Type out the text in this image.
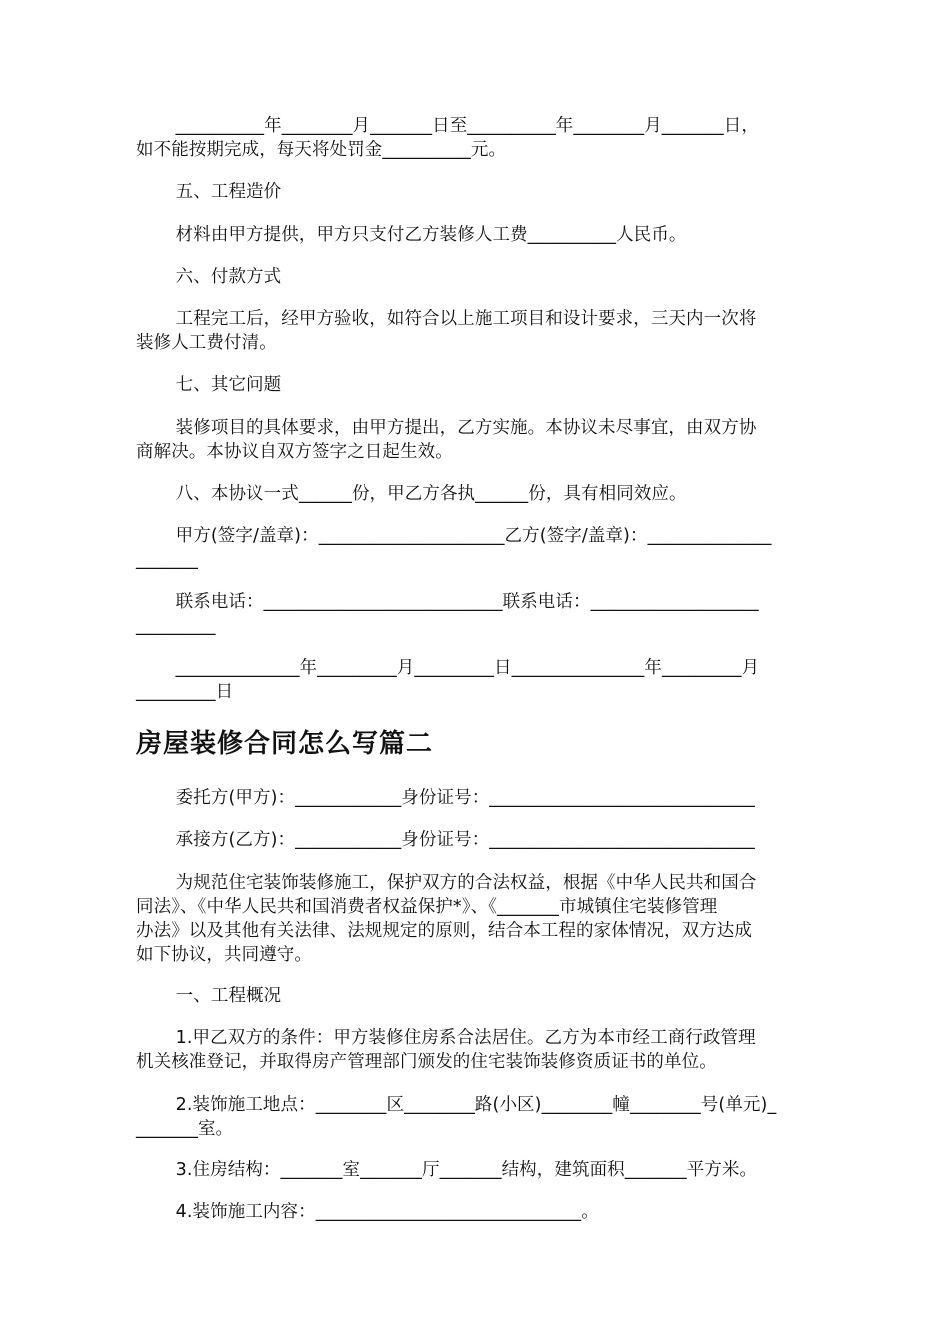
__________年________月_______日至__________年________月_______日，
如不能按期完成，每天将处罚金__________元。
五、工程造价
材料由甲方提供，甲方只支付乙方装修人工费__________人民币。
六、付款方式
工程完工后，经甲方验收，如符合以上施工项目和设计要求，三天内一次将
装修人工费付清。
七、其它问题
装修项目的具体要求，由甲方提出，乙方实施。本协议未尽事宜，由双方协
商解决。本协议自双方签字之日起生效。
八、本协议一式______份，甲乙方各执______份，具有相同效应。
甲方(签字/盖章)：_____________________乙方(签字/盖章)：______________
_______
联系电话：___________________________联系电话：___________________
_________
______________年_________月_________日_______________年_________月
_________日
房屋装修合同怎么写篇二
委托方(甲方)：____________身份证号：______________________________
承接方(乙方)：____________身份证号：______________________________
为规范住宅装饰装修施工，保护双方的合法权益，根据《中华人民共和国合
同法》、《中华人民共和国消费者权益保护*》、《_______市城镇住宅装修管理
办法》以及其他有关法律、法规规定的原则，结合本工程的家体情况，双方达成
如下协议，共同遵守。
一、工程概况
1.甲乙双方的条件：甲方装修住房系合法居住。乙方为本市经工商行政管理
机关核准登记，并取得房产管理部门颁发的住宅装饰装修资质证书的单位。
2.装饰施工地点：________区________路(小区)________幢________号(单元)_
_______室。
3.住房结构：_______室_______厅_______结构，建筑面积_______平方米。
4.装饰施工内容：______________________________。
